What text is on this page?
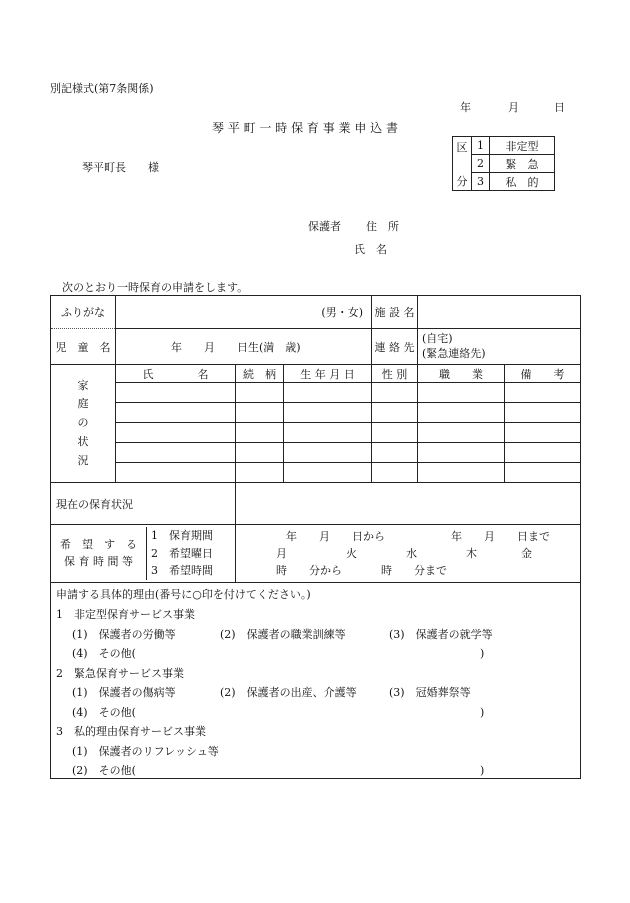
別記様式(第7条関係)
年	月	日
琴 平 町 一 時 保 育 事 業 申 込 書
琴平町長 様
区
分	1	非定型
	2	緊　急
	3	私　的
保護者 住　所
氏　名
次のとおり一時保育の申請をします。
ふりがな	(男・女)	施 設 名	
児　童　名	年　　月　　日生(満　歳)	連 絡 先	
(自宅)
(緊急連絡先)

家
庭
の
状
況
	氏　　　　名	続　柄	生 年 月 日	性 別	職　　業	備　　考

現在の保育状況	

希　望　す　る
保 育 時 間 等

1　保育期間
2　希望曜日
3　希望時間

年　　月　　日から	年　　月　　日まで
月	火	水	木	金
時　　分から	時　　分まで

申請する具体的理由(番号に○印を付けてください。)
1　非定型保育サービス事業
(1)　保護者の労働等	(2)　保護者の職業訓練等	(3)　保護者の就学等
(4)　その他(	)
2　緊急保育サービス事業
(1)　保護者の傷病等	(2)　保護者の出産、介護等	(3)　冠婚葬祭等
(4)　その他(	)
3　私的理由保育サービス事業
(1)　保護者のリフレッシュ等
(2)　その他(	)
